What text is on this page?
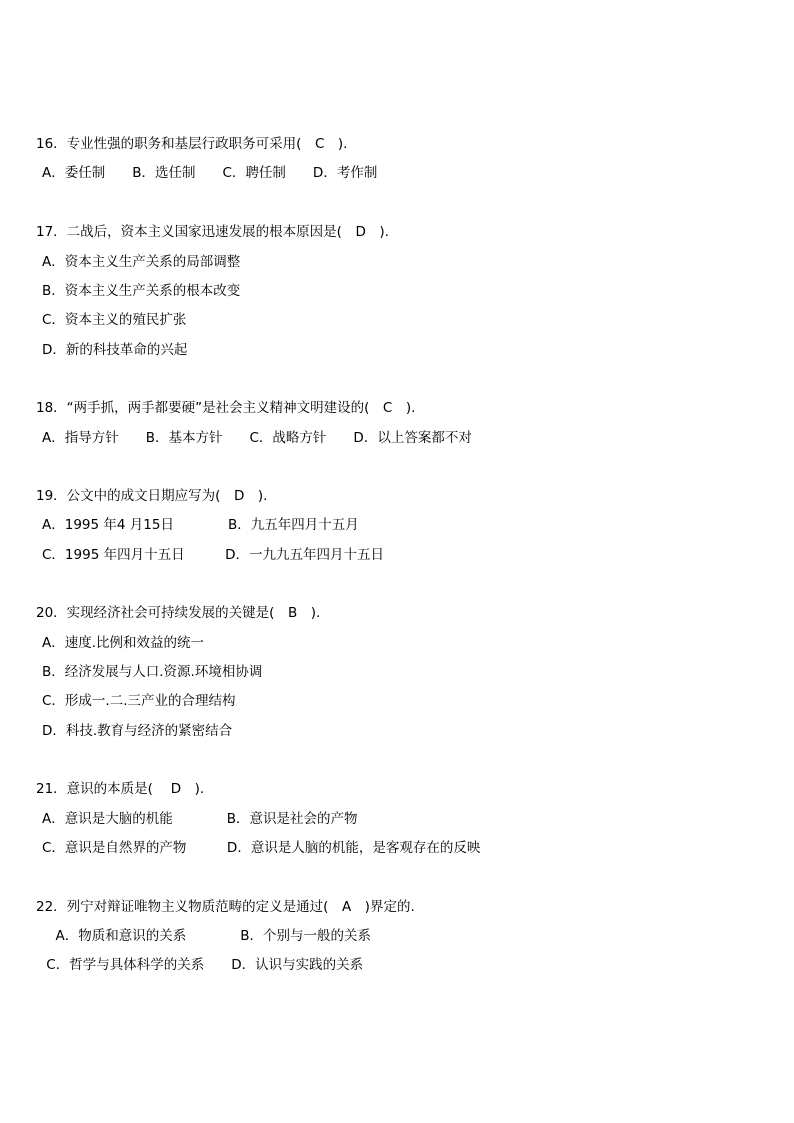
16．专业性强的职务和基层行政职务可采用(　C　).
A．委任制　　B．选任制　　C．聘任制　　D．考作制
17．二战后，资本主义国家迅速发展的根本原因是(　D　).
A．资本主义生产关系的局部调整
B．资本主义生产关系的根本改变
C．资本主义的殖民扩张
D．新的科技革命的兴起
18．“两手抓，两手都要硬”是社会主义精神文明建设的(　C　).
A．指导方针　　B．基本方针　　C．战略方针　　D．以上答案都不对
19．公文中的成文日期应写为(　D　).
A．1995 年4 月15日　　　　B．九五年四月十五月
C．1995 年四月十五日　　　D．一九九五年四月十五日
20．实现经济社会可持续发展的关键是(　B　).
A．速度.比例和效益的统一
B．经济发展与人口.资源.环境相协调
C．形成一.二.三产业的合理结构
D．科技.教育与经济的紧密结合
21．意识的本质是(　 D　).
A．意识是大脑的机能　　　　B．意识是社会的产物
C．意识是自然界的产物　　　D．意识是人脑的机能，是客观存在的反映
22．列宁对辩证唯物主义物质范畴的定义是通过(　A　)界定的.
　A．物质和意识的关系　　　　B．个别与一般的关系
C．哲学与具体科学的关系　　D．认识与实践的关系
